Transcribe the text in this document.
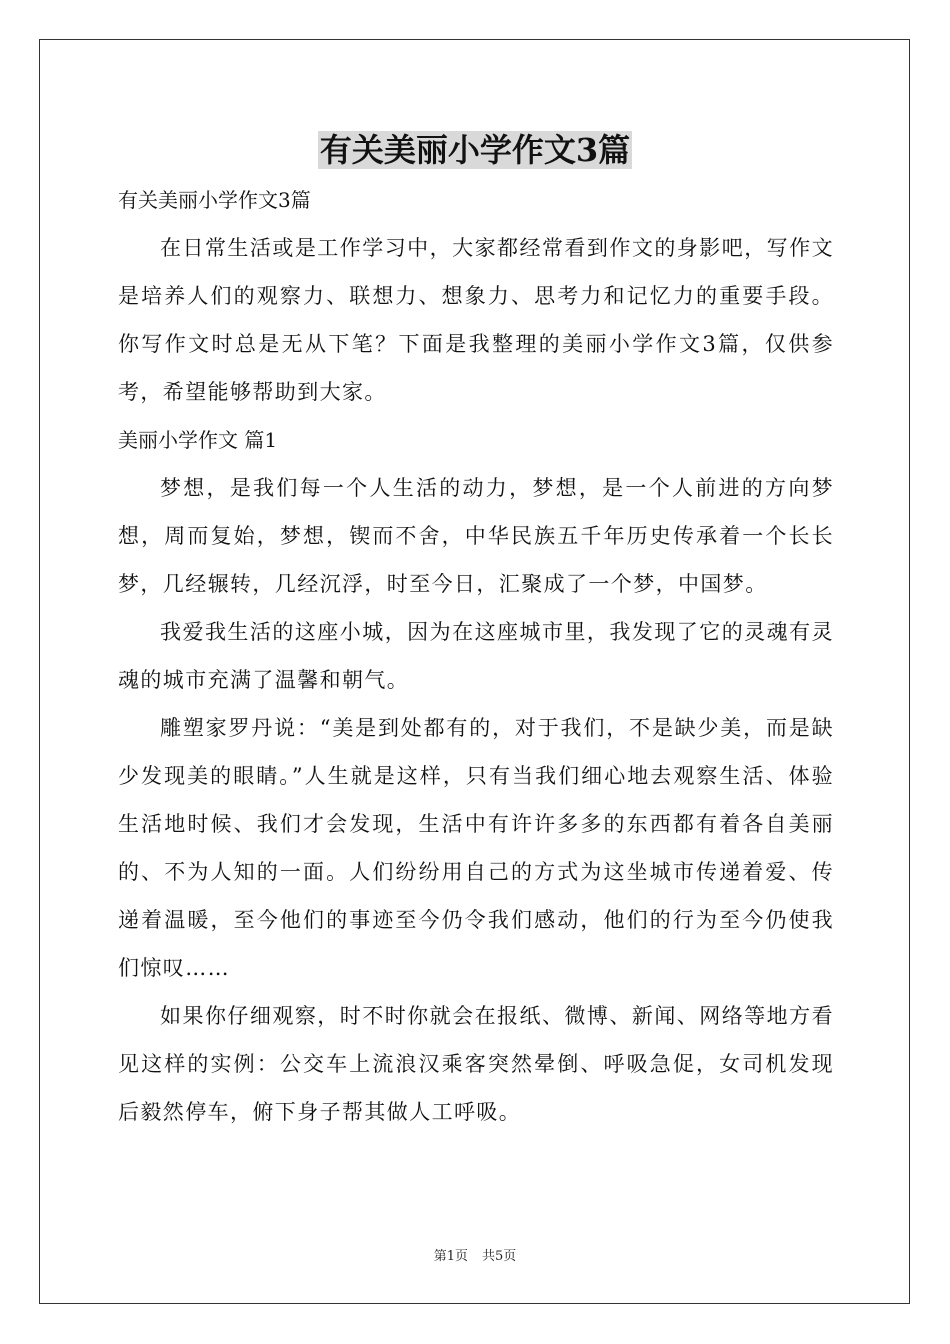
有关美丽小学作文3篇

有关美丽小学作文3篇

在日常生活或是工作学习中，大家都经常看到作文的身影吧，写作文是培养人们的观察力、联想力、想象力、思考力和记忆力的重要手段。你写作文时总是无从下笔？下面是我整理的美丽小学作文3篇，仅供参考，希望能够帮助到大家。

美丽小学作文 篇1

梦想，是我们每一个人生活的动力，梦想，是一个人前进的方向梦想，周而复始，梦想，锲而不舍，中华民族五千年历史传承着一个长长梦，几经辗转，几经沉浮，时至今日，汇聚成了一个梦，中国梦。

我爱我生活的这座小城，因为在这座城市里，我发现了它的灵魂有灵魂的城市充满了温馨和朝气。

雕塑家罗丹说：“美是到处都有的，对于我们，不是缺少美，而是缺少发现美的眼睛。”人生就是这样，只有当我们细心地去观察生活、体验生活地时候、我们才会发现，生活中有许许多多的东西都有着各自美丽的、不为人知的一面。人们纷纷用自己的方式为这坐城市传递着爱、传递着温暖，至今他们的事迹至今仍令我们感动，他们的行为至今仍使我们惊叹……

如果你仔细观察，时不时你就会在报纸、微博、新闻、网络等地方看见这样的实例：公交车上流浪汉乘客突然晕倒、呼吸急促，女司机发现后毅然停车，俯下身子帮其做人工呼吸。

第1页 共5页
